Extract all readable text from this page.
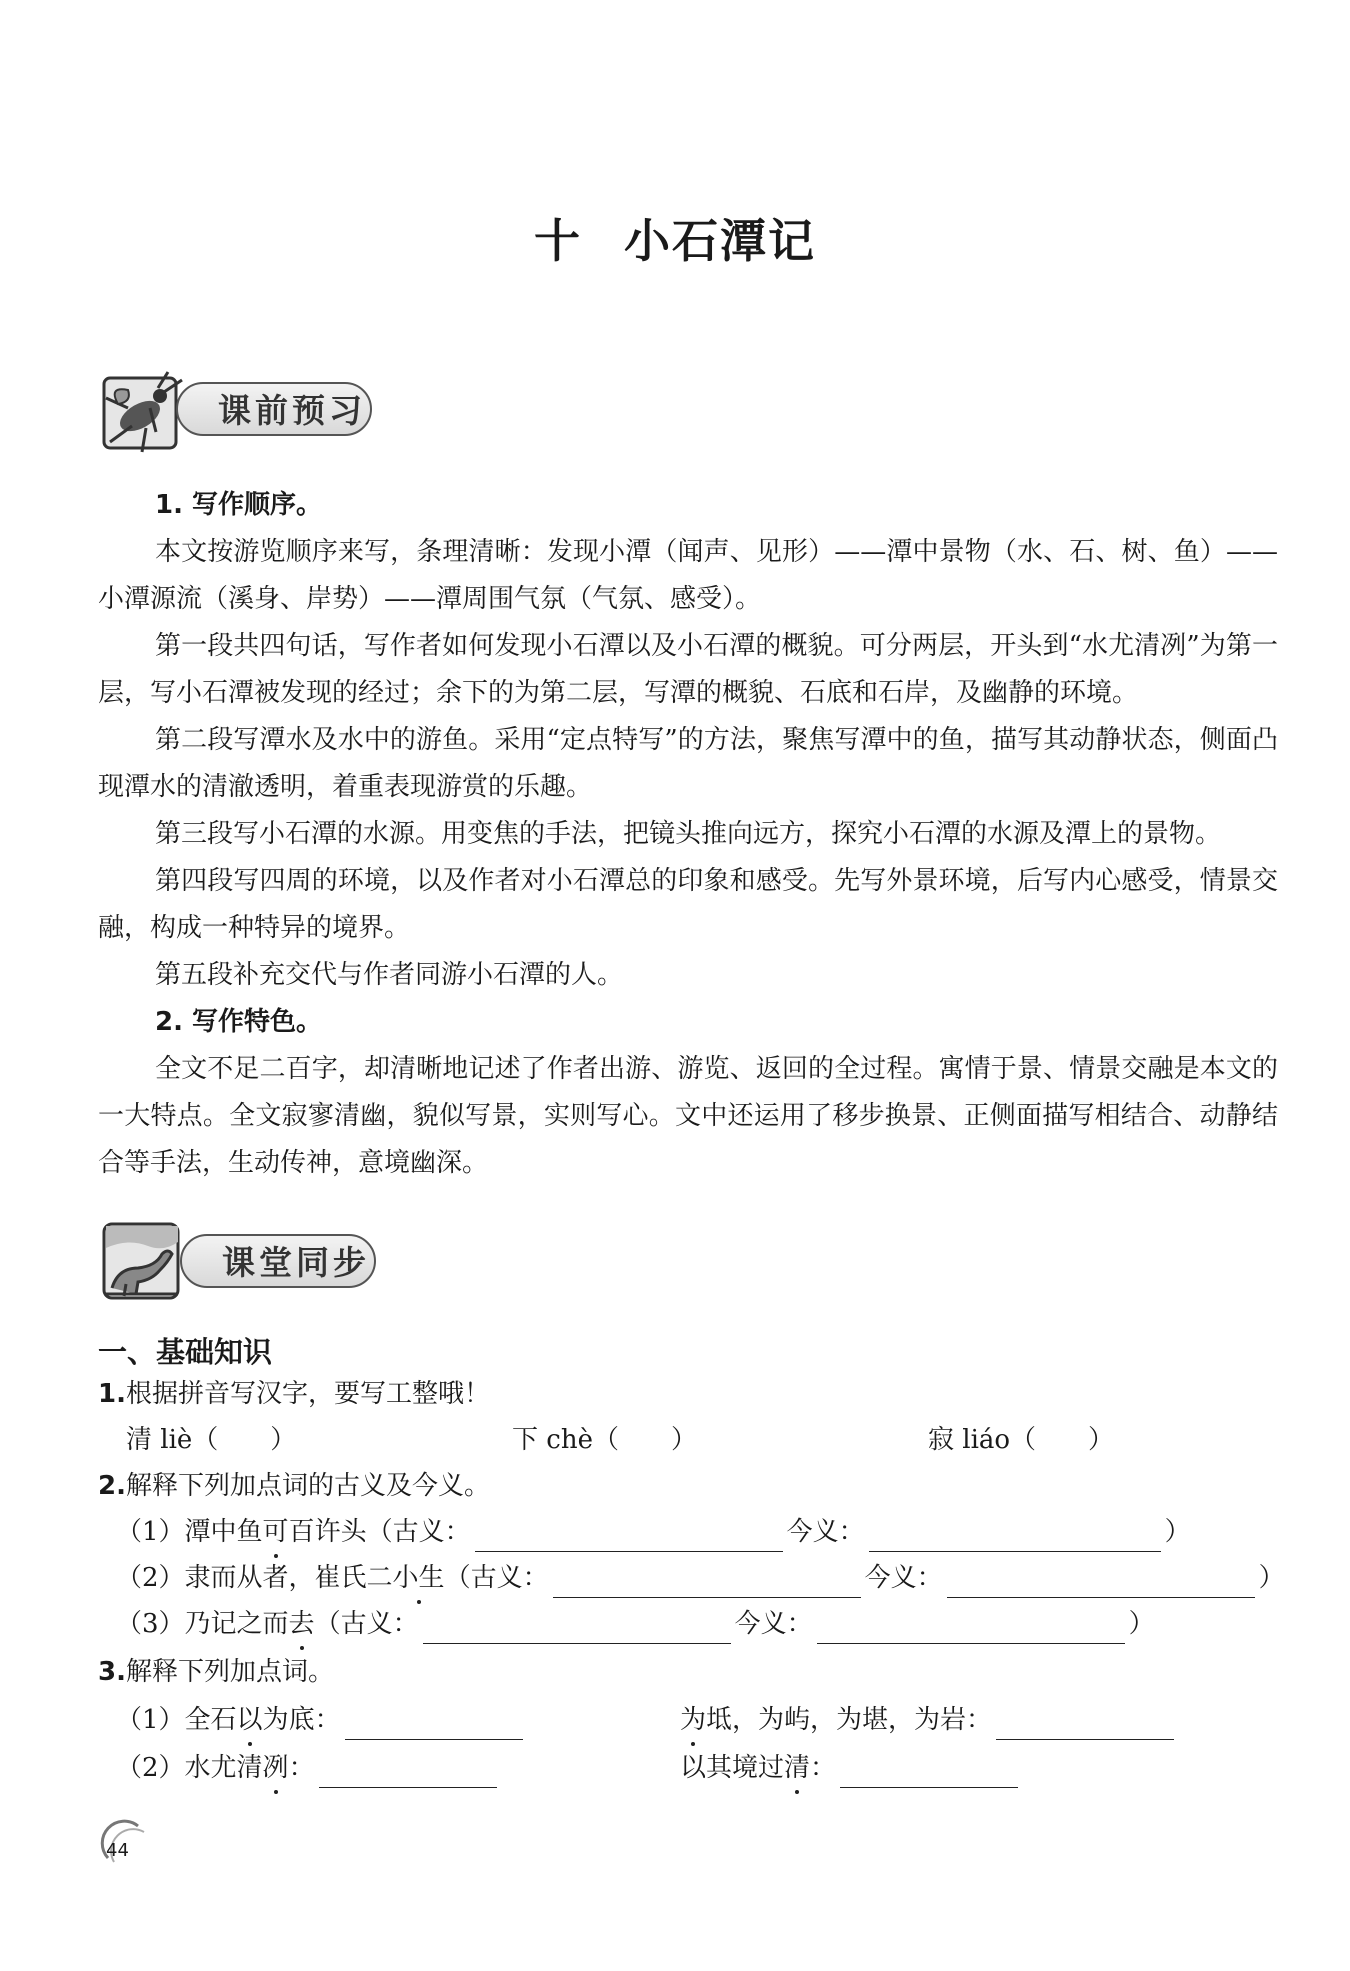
十 小石潭记
课前预习
1. 写作顺序。
本文按游览顺序来写，条理清晰：发现小潭（闻声、见形）——潭中景物（水、石、树、鱼）——小潭源流（溪身、岸势）——潭周围气氛（气氛、感受）。
第一段共四句话，写作者如何发现小石潭以及小石潭的概貌。可分两层，开头到“水尤清冽”为第一层，写小石潭被发现的经过；余下的为第二层，写潭的概貌、石底和石岸，及幽静的环境。
第二段写潭水及水中的游鱼。采用“定点特写”的方法，聚焦写潭中的鱼，描写其动静状态，侧面凸现潭水的清澈透明，着重表现游赏的乐趣。
第三段写小石潭的水源。用变焦的手法，把镜头推向远方，探究小石潭的水源及潭上的景物。
第四段写四周的环境，以及作者对小石潭总的印象和感受。先写外景环境，后写内心感受，情景交融，构成一种特异的境界。
第五段补充交代与作者同游小石潭的人。
2. 写作特色。
全文不足二百字，却清晰地记述了作者出游、游览、返回的全过程。寓情于景、情景交融是本文的一大特点。全文寂寥清幽，貌似写景，实则写心。文中还运用了移步换景、正侧面描写相结合、动静结合等手法，生动传神，意境幽深。
课堂同步
一、基础知识
1.根据拼音写汉字，要写工整哦！
清 liè（　　）	下 chè（　　）	寂 liáo（　　）
2.解释下列加点词的古义及今义。
（1）潭中鱼可百许头（古义：	今义：	）
（2）隶而从者，崔氏二小生（古义：	今义：	）
（3）乃记之而去（古义：	今义：	）
3.解释下列加点词。
（1）全石以为底：	为坻，为屿，为堪，为岩：
（2）水尤清冽：	以其境过清：
44
